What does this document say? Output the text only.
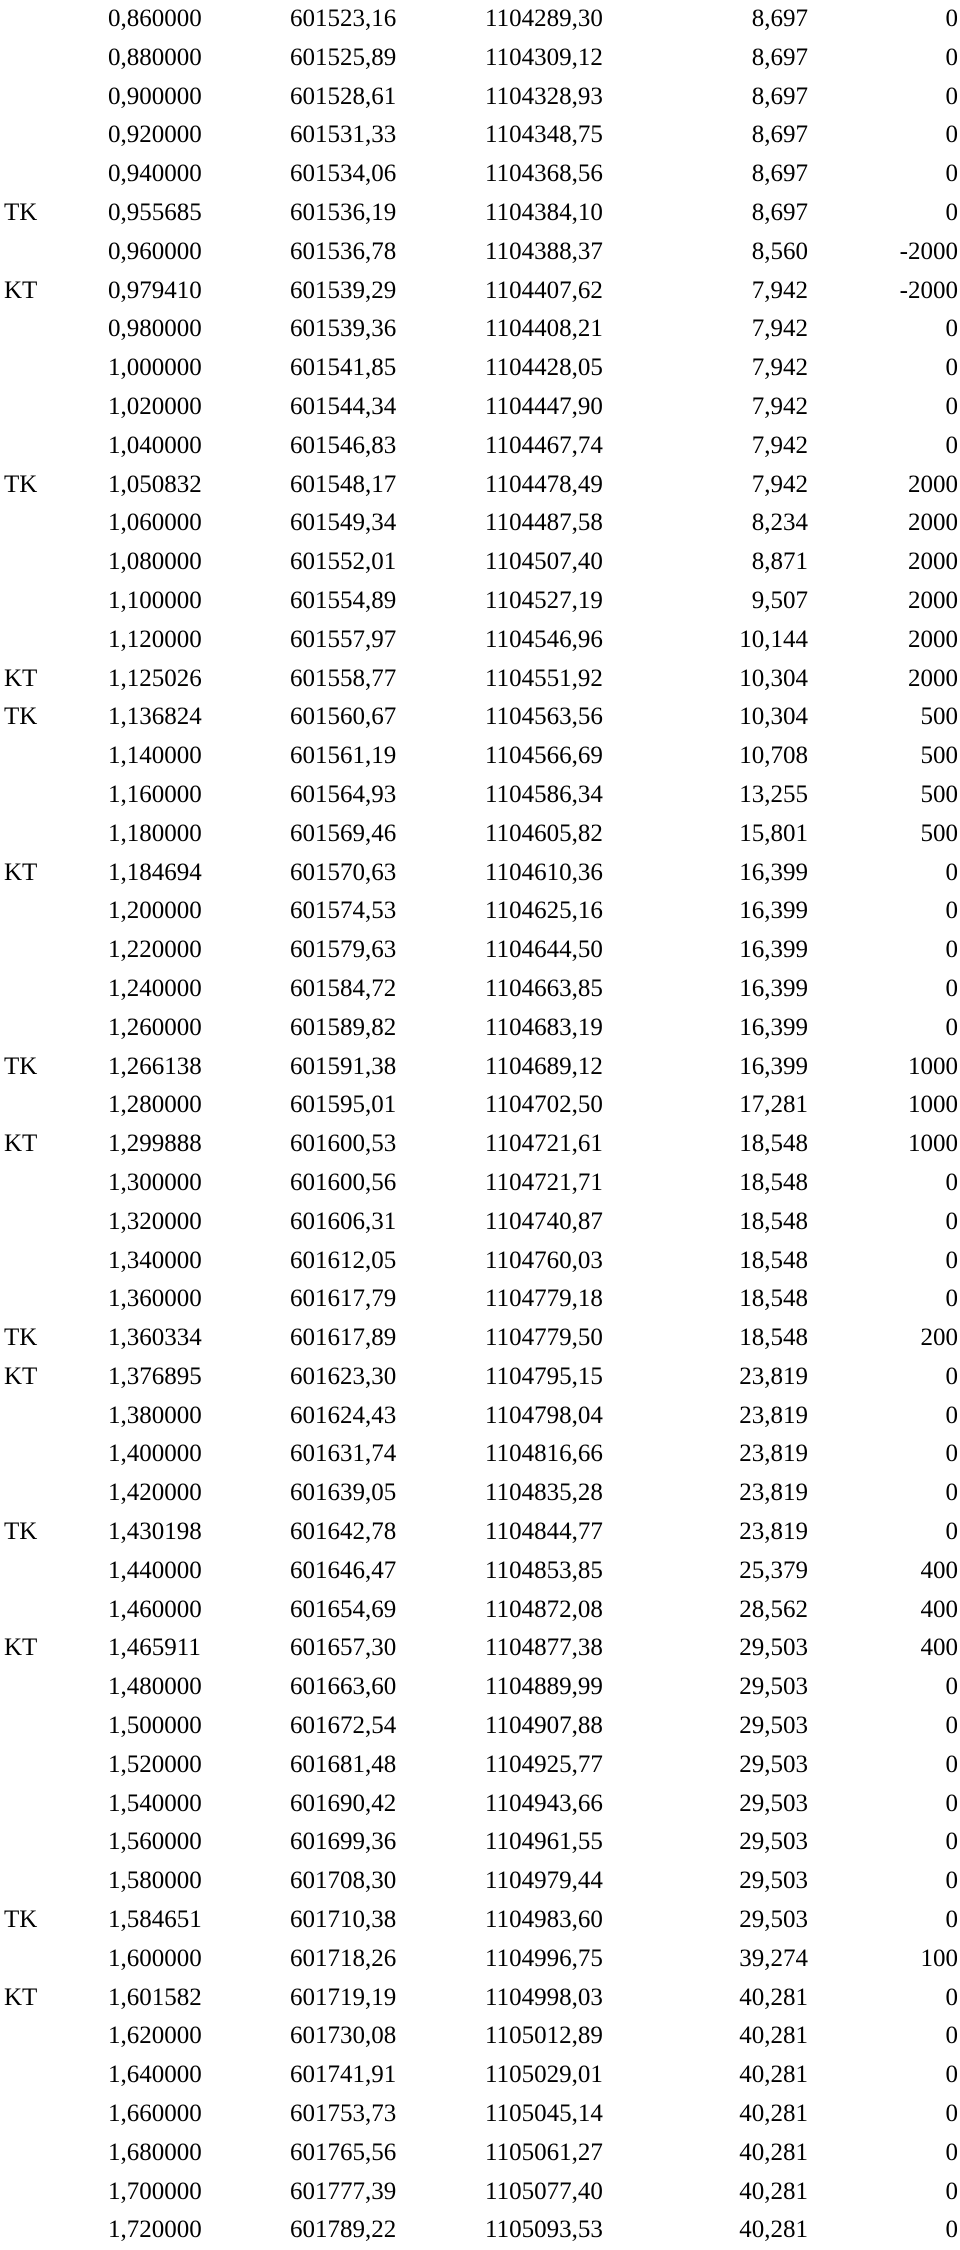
0,860000	601523,16	1104289,30	8,697	0
0,880000	601525,89	1104309,12	8,697	0
0,900000	601528,61	1104328,93	8,697	0
0,920000	601531,33	1104348,75	8,697	0
0,940000	601534,06	1104368,56	8,697	0
TK	0,955685	601536,19	1104384,10	8,697	0
0,960000	601536,78	1104388,37	8,560	-2000
KT	0,979410	601539,29	1104407,62	7,942	-2000
0,980000	601539,36	1104408,21	7,942	0
1,000000	601541,85	1104428,05	7,942	0
1,020000	601544,34	1104447,90	7,942	0
1,040000	601546,83	1104467,74	7,942	0
TK	1,050832	601548,17	1104478,49	7,942	2000
1,060000	601549,34	1104487,58	8,234	2000
1,080000	601552,01	1104507,40	8,871	2000
1,100000	601554,89	1104527,19	9,507	2000
1,120000	601557,97	1104546,96	10,144	2000
KT	1,125026	601558,77	1104551,92	10,304	2000
TK	1,136824	601560,67	1104563,56	10,304	500
1,140000	601561,19	1104566,69	10,708	500
1,160000	601564,93	1104586,34	13,255	500
1,180000	601569,46	1104605,82	15,801	500
KT	1,184694	601570,63	1104610,36	16,399	0
1,200000	601574,53	1104625,16	16,399	0
1,220000	601579,63	1104644,50	16,399	0
1,240000	601584,72	1104663,85	16,399	0
1,260000	601589,82	1104683,19	16,399	0
TK	1,266138	601591,38	1104689,12	16,399	1000
1,280000	601595,01	1104702,50	17,281	1000
KT	1,299888	601600,53	1104721,61	18,548	1000
1,300000	601600,56	1104721,71	18,548	0
1,320000	601606,31	1104740,87	18,548	0
1,340000	601612,05	1104760,03	18,548	0
1,360000	601617,79	1104779,18	18,548	0
TK	1,360334	601617,89	1104779,50	18,548	200
KT	1,376895	601623,30	1104795,15	23,819	0
1,380000	601624,43	1104798,04	23,819	0
1,400000	601631,74	1104816,66	23,819	0
1,420000	601639,05	1104835,28	23,819	0
TK	1,430198	601642,78	1104844,77	23,819	0
1,440000	601646,47	1104853,85	25,379	400
1,460000	601654,69	1104872,08	28,562	400
KT	1,465911	601657,30	1104877,38	29,503	400
1,480000	601663,60	1104889,99	29,503	0
1,500000	601672,54	1104907,88	29,503	0
1,520000	601681,48	1104925,77	29,503	0
1,540000	601690,42	1104943,66	29,503	0
1,560000	601699,36	1104961,55	29,503	0
1,580000	601708,30	1104979,44	29,503	0
TK	1,584651	601710,38	1104983,60	29,503	0
1,600000	601718,26	1104996,75	39,274	100
KT	1,601582	601719,19	1104998,03	40,281	0
1,620000	601730,08	1105012,89	40,281	0
1,640000	601741,91	1105029,01	40,281	0
1,660000	601753,73	1105045,14	40,281	0
1,680000	601765,56	1105061,27	40,281	0
1,700000	601777,39	1105077,40	40,281	0
1,720000	601789,22	1105093,53	40,281	0
